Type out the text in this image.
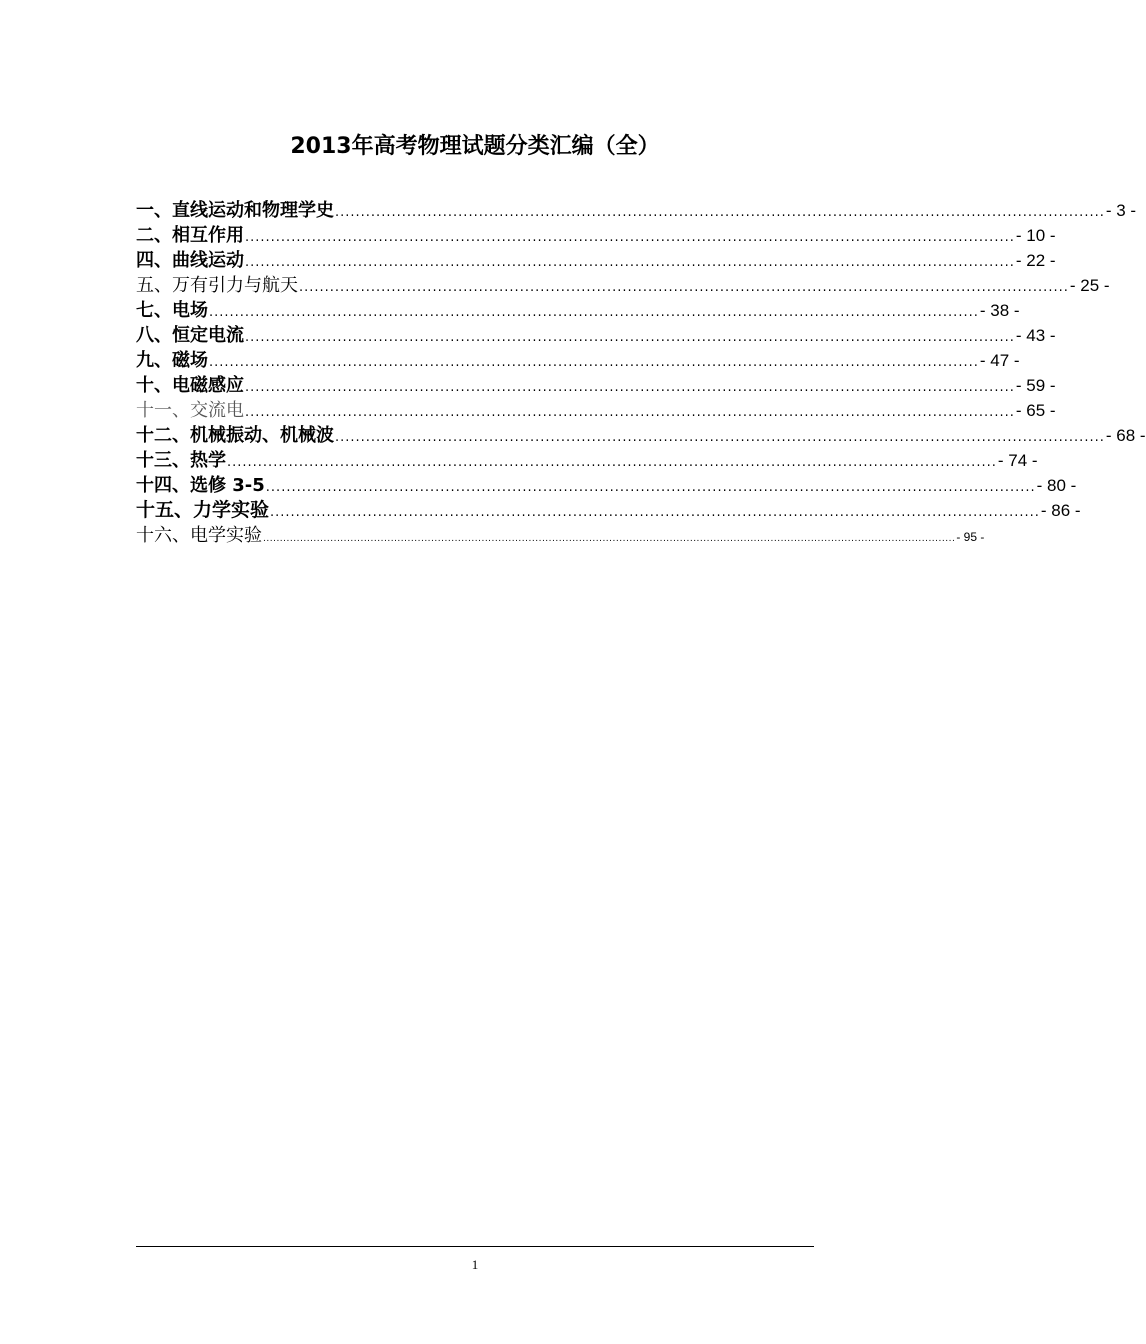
2013年高考物理试题分类汇编（全）
一、直线运动和物理学史 ...................................................................................................................................................... - 3 -
二、相互作用 ...................................................................................................................................................... - 10 -
四、曲线运动 ...................................................................................................................................................... - 22 -
五、万有引力与航天 ...................................................................................................................................................... - 25 -
七、电场 ...................................................................................................................................................... - 38 -
八、恒定电流 ...................................................................................................................................................... - 43 -
九、磁场 ...................................................................................................................................................... - 47 -
十、电磁感应 ...................................................................................................................................................... - 59 -
十一、交流电 ...................................................................................................................................................... - 65 -
十二、机械振动、机械波 ...................................................................................................................................................... - 68 -
十三、热学 ...................................................................................................................................................... - 74 -
十四、选修 3-5 ...................................................................................................................................................... - 80 -
十五、力学实验 ...................................................................................................................................................... - 86 -
十六、电学实验 .............................................................................................................................................................................................................. - 95 -
1
